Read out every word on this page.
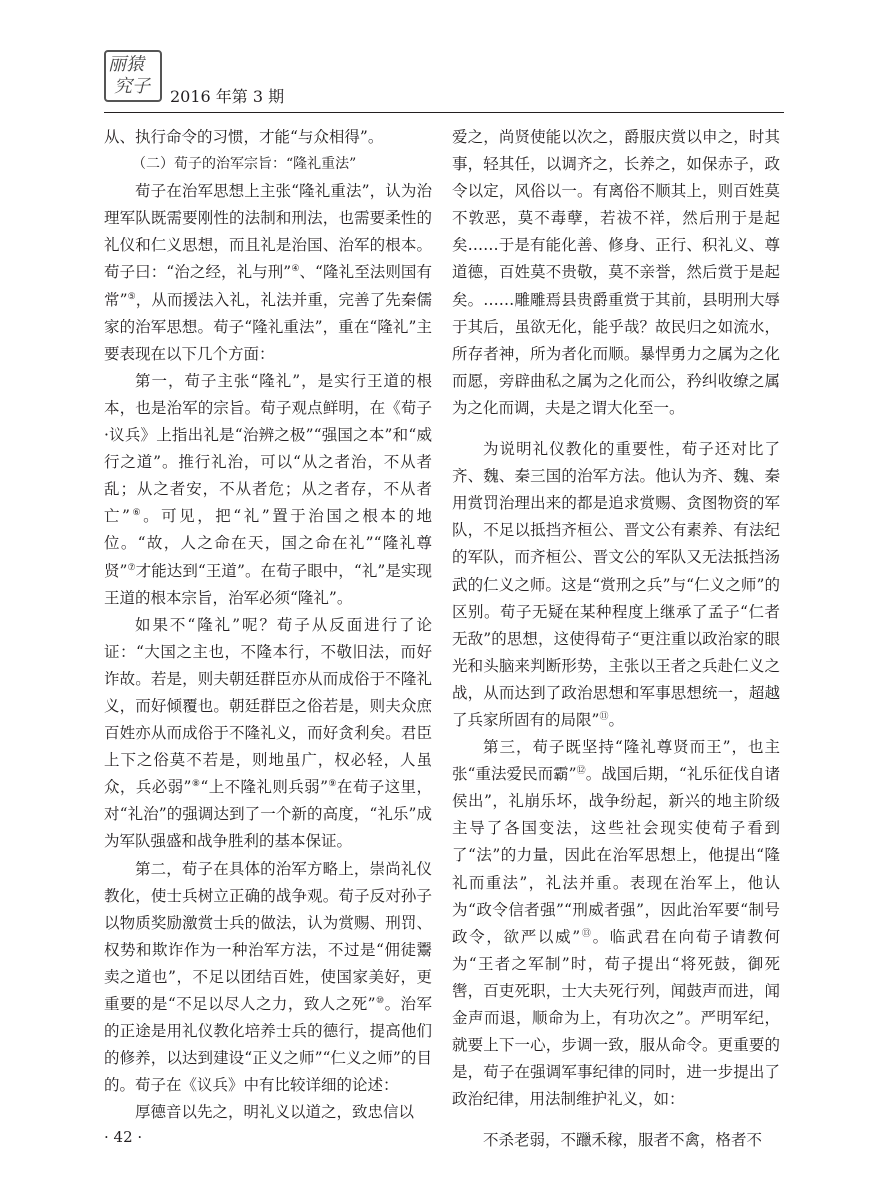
丽猿
究子 2016 年第 3 期

从、执行命令的习惯，才能“与众相得”。

（二）荀子的治军宗旨：“隆礼重法”

荀子在治军思想上主张“隆礼重法”，认为治理军队既需要刚性的法制和刑法，也需要柔性的礼仪和仁义思想，而且礼是治国、治军的根本。荀子曰：“治之经，礼与刑”④、“隆礼至法则国有常”⑤，从而援法入礼，礼法并重，完善了先秦儒家的治军思想。荀子“隆礼重法”，重在“隆礼”主要表现在以下几个方面：

第一，荀子主张“隆礼”，是实行王道的根本，也是治军的宗旨。荀子观点鲜明，在《荀子·议兵》上指出礼是“治辨之极”“强国之本”和“威行之道”。推行礼治，可以“从之者治，不从者乱；从之者安，不从者危；从之者存，不从者亡”⑥。可见，把“礼”置于治国之根本的地位。“故，人之命在天，国之命在礼”“隆礼尊贤”⑦才能达到“王道”。在荀子眼中，“礼”是实现王道的根本宗旨，治军必须“隆礼”。

如果不“隆礼”呢？荀子从反面进行了论证：“大国之主也，不隆本行，不敬旧法，而好诈故。若是，则夫朝廷群臣亦从而成俗于不隆礼义，而好倾覆也。朝廷群臣之俗若是，则夫众庶百姓亦从而成俗于不隆礼义，而好贪利矣。君臣上下之俗莫不若是，则地虽广，权必轻，人虽众，兵必弱”⑧“上不隆礼则兵弱”⑨在荀子这里，对“礼治”的强调达到了一个新的高度，“礼乐”成为军队强盛和战争胜利的基本保证。

第二，荀子在具体的治军方略上，崇尚礼仪教化，使士兵树立正确的战争观。荀子反对孙子以物质奖励激赏士兵的做法，认为赏赐、刑罚、权势和欺诈作为一种治军方法，不过是“佣徒鬻卖之道也”，不足以团结百姓，使国家美好，更重要的是“不足以尽人之力，致人之死”⑩。治军的正途是用礼仪教化培养士兵的德行，提高他们的修养，以达到建设“正义之师”“仁义之师”的目的。荀子在《议兵》中有比较详细的论述：

厚德音以先之，明礼义以道之，致忠信以

爱之，尚贤使能以次之，爵服庆赏以申之，时其事，轻其任，以调齐之，长养之，如保赤子，政令以定，风俗以一。有离俗不顺其上，则百姓莫不敦恶，莫不毒孽，若祓不祥，然后刑于是起矣……于是有能化善、修身、正行、积礼义、尊道德，百姓莫不贵敬，莫不亲誉，然后赏于是起矣。……雕雕焉县贵爵重赏于其前，县明刑大辱于其后，虽欲无化，能乎哉？故民归之如流水，所存者神，所为者化而顺。暴悍勇力之属为之化而愿，旁辟曲私之属为之化而公，矜纠收缭之属为之化而调，夫是之谓大化至一。

为说明礼仪教化的重要性，荀子还对比了齐、魏、秦三国的治军方法。他认为齐、魏、秦用赏罚治理出来的都是追求赏赐、贪图物资的军队，不足以抵挡齐桓公、晋文公有素养、有法纪的军队，而齐桓公、晋文公的军队又无法抵挡汤武的仁义之师。这是“赏刑之兵”与“仁义之师”的区别。荀子无疑在某种程度上继承了孟子“仁者无敌”的思想，这使得荀子“更注重以政治家的眼光和头脑来判断形势，主张以王者之兵赴仁义之战，从而达到了政治思想和军事思想统一，超越了兵家所固有的局限”⑪。

第三，荀子既坚持“隆礼尊贤而王”，也主张“重法爱民而霸”⑫。战国后期，“礼乐征伐自诸侯出”，礼崩乐坏，战争纷起，新兴的地主阶级主导了各国变法，这些社会现实使荀子看到了“法”的力量，因此在治军思想上，他提出“隆礼而重法”，礼法并重。表现在治军上，他认为“政令信者强”“刑威者强”，因此治军要“制号政令，欲严以威”⑬。临武君在向荀子请教何为“王者之军制”时，荀子提出“将死鼓，御死辔，百吏死职，士大夫死行列，闻鼓声而进，闻金声而退，顺命为上，有功次之”。严明军纪，就要上下一心，步调一致，服从命令。更重要的是，荀子在强调军事纪律的同时，进一步提出了政治纪律，用法制维护礼义，如：

不杀老弱，不躐禾稼，服者不禽，格者不

· 42 ·
